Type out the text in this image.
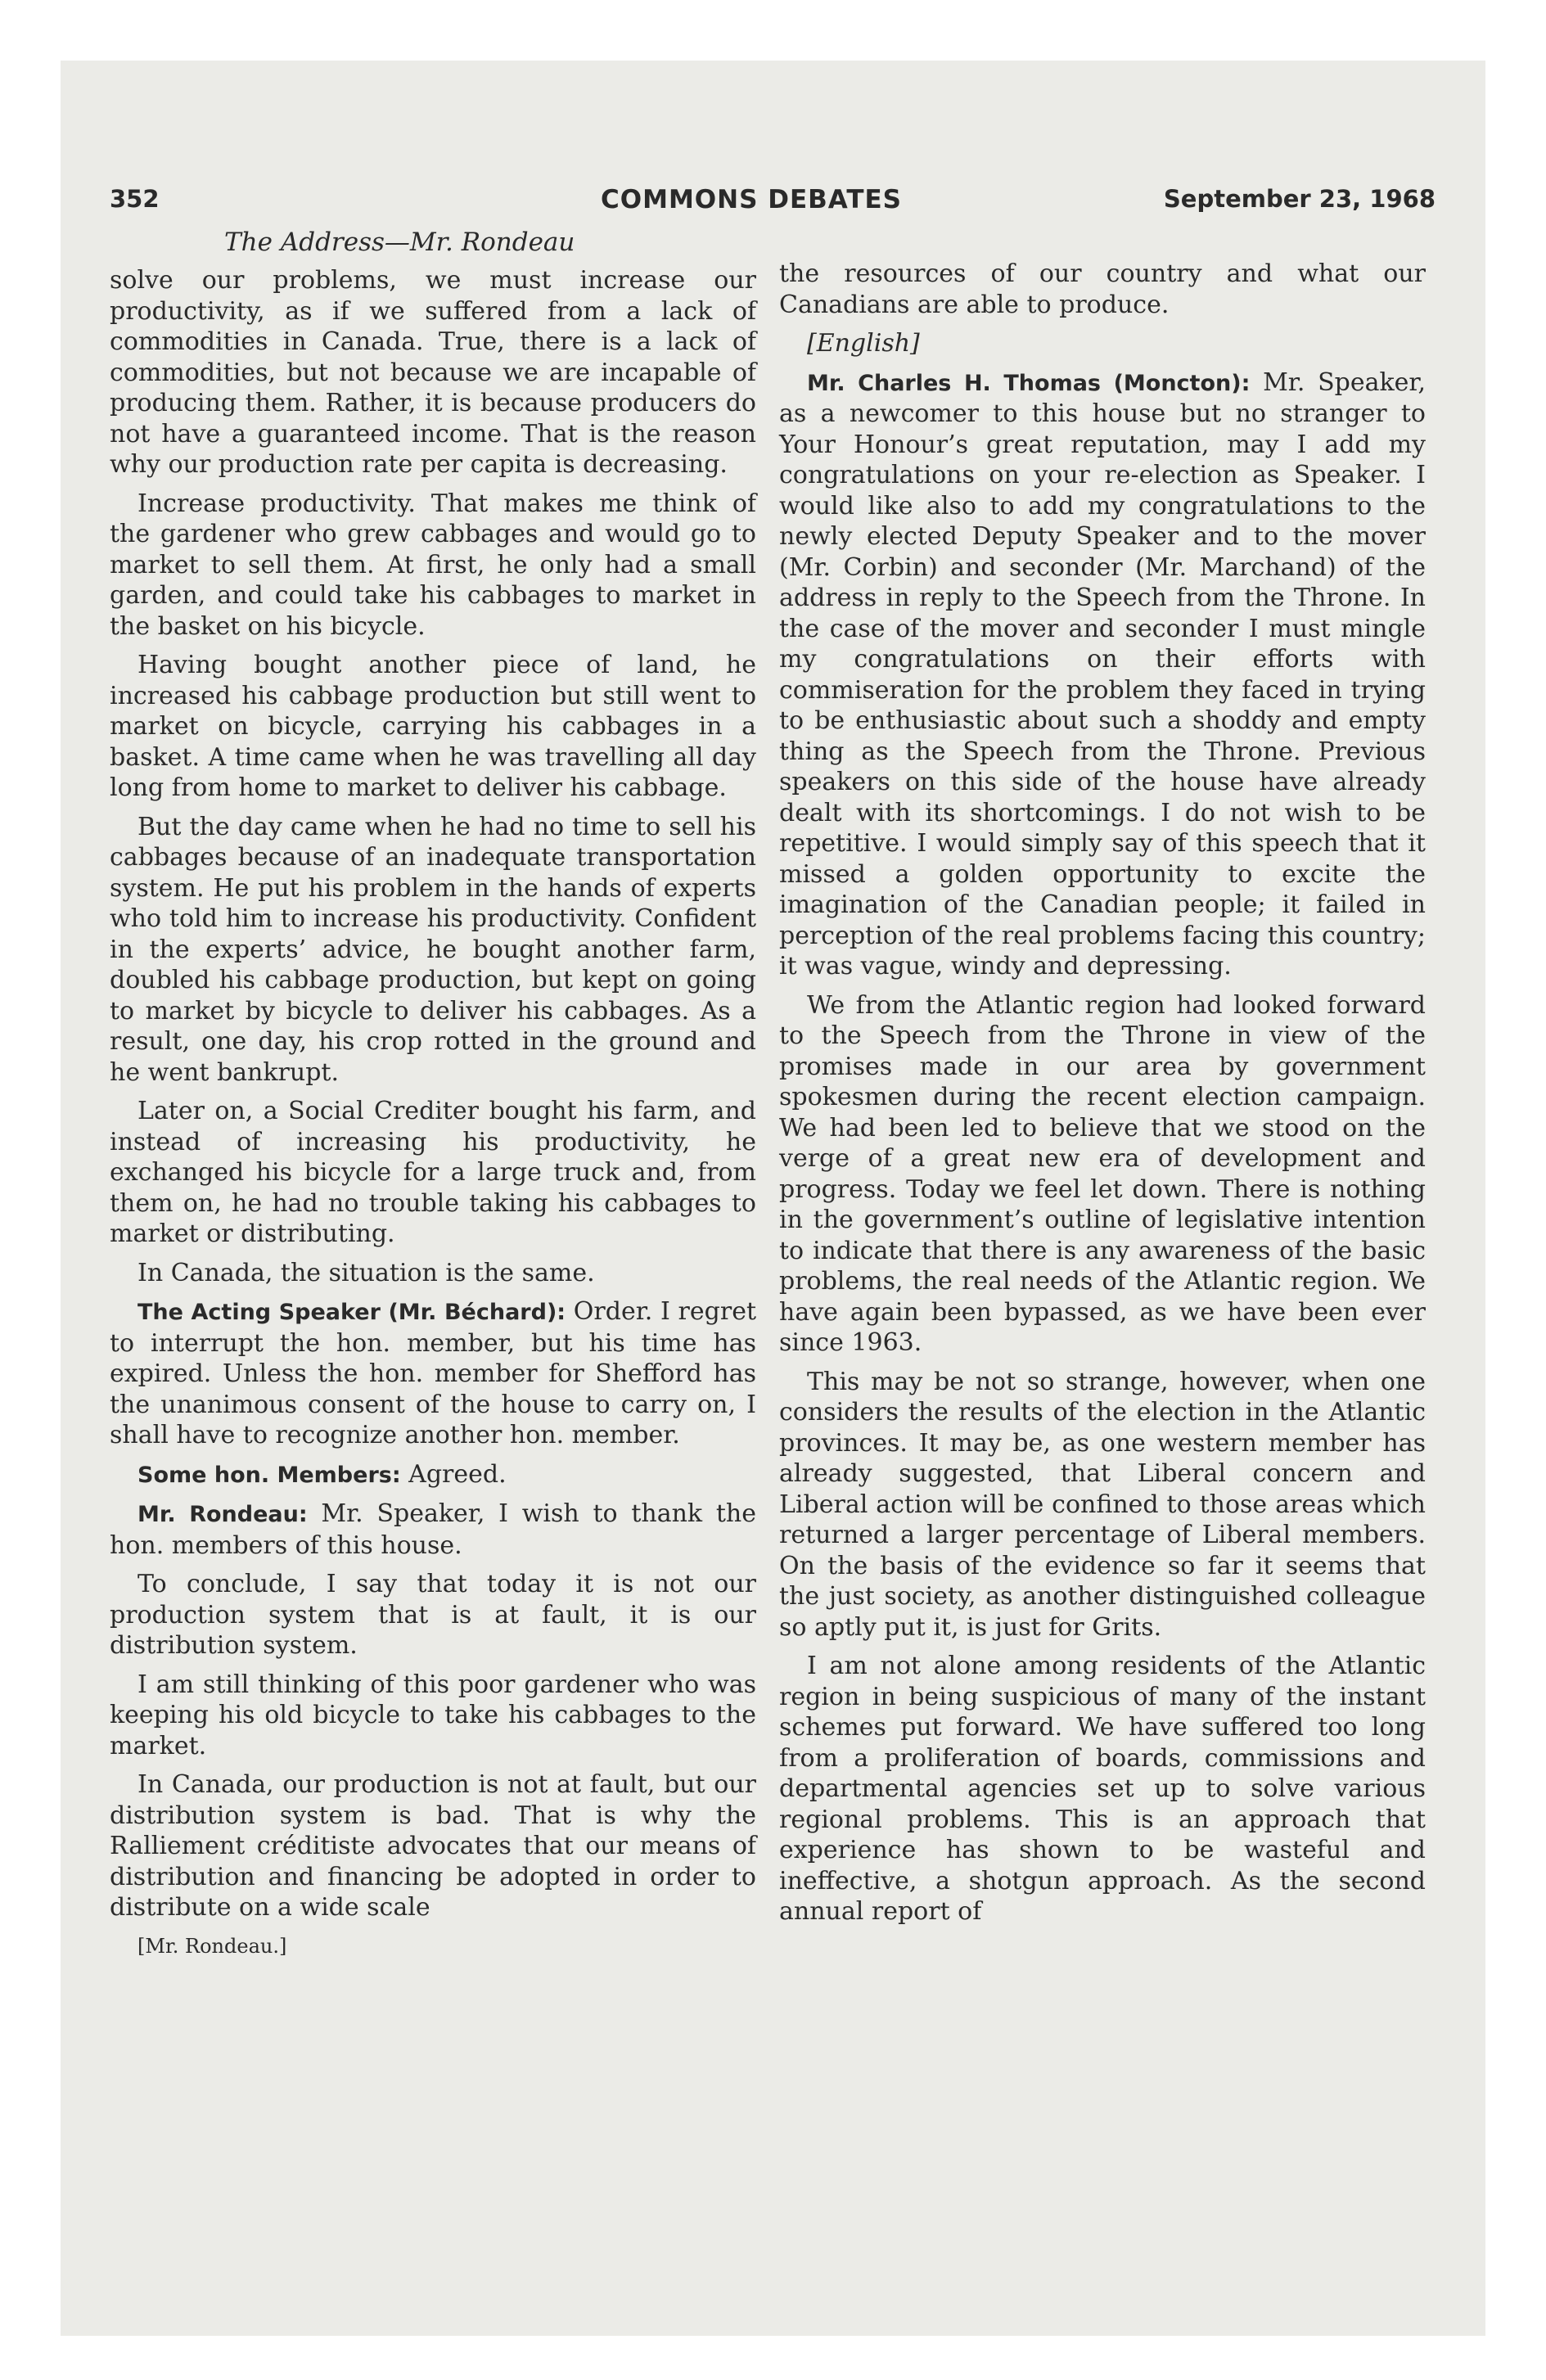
352	COMMONS DEBATES	September 23, 1968
The Address—Mr. Rondeau

solve our problems, we must increase our productivity, as if we suffered from a lack of commodities in Canada. True, there is a lack of commodities, but not because we are incapable of producing them. Rather, it is because producers do not have a guaranteed income. That is the reason why our production rate per capita is decreasing.

Increase productivity. That makes me think of the gardener who grew cabbages and would go to market to sell them. At first, he only had a small garden, and could take his cabbages to market in the basket on his bicycle.

Having bought another piece of land, he increased his cabbage production but still went to market on bicycle, carrying his cabbages in a basket. A time came when he was travelling all day long from home to market to deliver his cabbage.

But the day came when he had no time to sell his cabbages because of an inadequate transportation system. He put his problem in the hands of experts who told him to increase his productivity. Confident in the experts’ advice, he bought another farm, doubled his cabbage production, but kept on going to market by bicycle to deliver his cabbages. As a result, one day, his crop rotted in the ground and he went bankrupt.

Later on, a Social Crediter bought his farm, and instead of increasing his productivity, he exchanged his bicycle for a large truck and, from them on, he had no trouble taking his cabbages to market or distributing.

In Canada, the situation is the same.

The Acting Speaker (Mr. Béchard): Order. I regret to interrupt the hon. member, but his time has expired. Unless the hon. member for Shefford has the unanimous consent of the house to carry on, I shall have to recognize another hon. member.

Some hon. Members: Agreed.

Mr. Rondeau: Mr. Speaker, I wish to thank the hon. members of this house.

To conclude, I say that today it is not our production system that is at fault, it is our distribution system.

I am still thinking of this poor gardener who was keeping his old bicycle to take his cabbages to the market.

In Canada, our production is not at fault, but our distribution system is bad. That is why the Ralliement créditiste advocates that our means of distribution and financing be adopted in order to distribute on a wide scale

[Mr. Rondeau.]

the resources of our country and what our Canadians are able to produce.

[English]

Mr. Charles H. Thomas (Moncton): Mr. Speaker, as a newcomer to this house but no stranger to Your Honour’s great reputation, may I add my congratulations on your re-election as Speaker. I would like also to add my congratulations to the newly elected Deputy Speaker and to the mover (Mr. Corbin) and seconder (Mr. Marchand) of the address in reply to the Speech from the Throne. In the case of the mover and seconder I must mingle my congratulations on their efforts with commiseration for the problem they faced in trying to be enthusiastic about such a shoddy and empty thing as the Speech from the Throne. Previous speakers on this side of the house have already dealt with its shortcomings. I do not wish to be repetitive. I would simply say of this speech that it missed a golden opportunity to excite the imagination of the Canadian people; it failed in perception of the real problems facing this country; it was vague, windy and depressing.

We from the Atlantic region had looked forward to the Speech from the Throne in view of the promises made in our area by government spokesmen during the recent election campaign. We had been led to believe that we stood on the verge of a great new era of development and progress. Today we feel let down. There is nothing in the government’s outline of legislative intention to indicate that there is any awareness of the basic problems, the real needs of the Atlantic region. We have again been bypassed, as we have been ever since 1963.

This may be not so strange, however, when one considers the results of the election in the Atlantic provinces. It may be, as one western member has already suggested, that Liberal concern and Liberal action will be confined to those areas which returned a larger percentage of Liberal members. On the basis of the evidence so far it seems that the just society, as another distinguished colleague so aptly put it, is just for Grits.

I am not alone among residents of the Atlantic region in being suspicious of many of the instant schemes put forward. We have suffered too long from a proliferation of boards, commissions and departmental agencies set up to solve various regional problems. This is an approach that experience has shown to be wasteful and ineffective, a shotgun approach. As the second annual report of
